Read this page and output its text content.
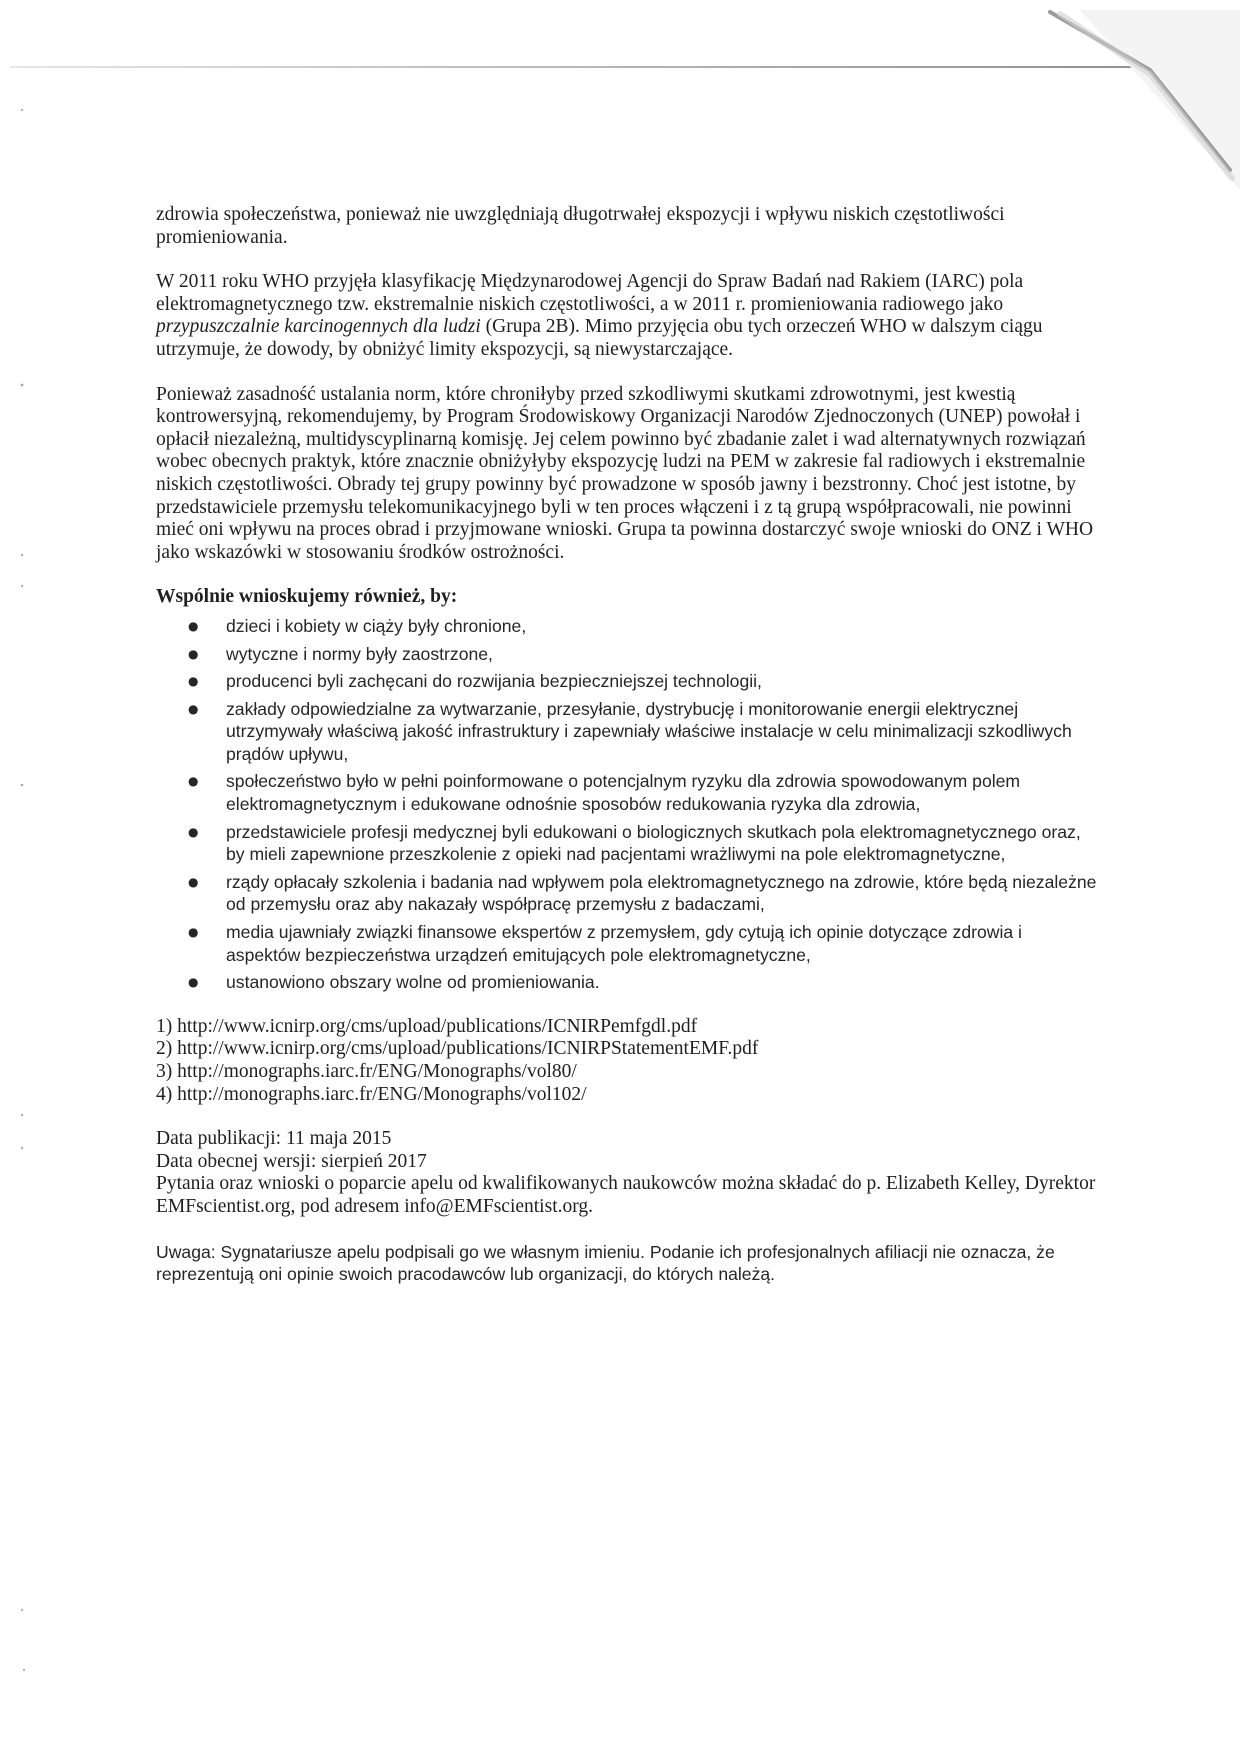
zdrowia społeczeństwa, ponieważ nie uwzględniają długotrwałej ekspozycji i wpływu niskich częstotliwości promieniowania.

W 2011 roku WHO przyjęła klasyfikację Międzynarodowej Agencji do Spraw Badań nad Rakiem (IARC) pola elektromagnetycznego tzw. ekstremalnie niskich częstotliwości, a w 2011 r. promieniowania radiowego jako przypuszczalnie karcinogennych dla ludzi (Grupa 2B). Mimo przyjęcia obu tych orzeczeń WHO w dalszym ciągu utrzymuje, że dowody, by obniżyć limity ekspozycji, są niewystarczające.

Ponieważ zasadność ustalania norm, które chroniłyby przed szkodliwymi skutkami zdrowotnymi, jest kwestią kontrowersyjną, rekomendujemy, by Program Środowiskowy Organizacji Narodów Zjednoczonych (UNEP) powołał i opłacił niezależną, multidyscyplinarną komisję. Jej celem powinno być zbadanie zalet i wad alternatywnych rozwiązań wobec obecnych praktyk, które znacznie obniżyłyby ekspozycję ludzi na PEM w zakresie fal radiowych i ekstremalnie niskich częstotliwości. Obrady tej grupy powinny być prowadzone w sposób jawny i bezstronny. Choć jest istotne, by przedstawiciele przemysłu telekomunikacyjnego byli w ten proces włączeni i z tą grupą współpracowali, nie powinni mieć oni wpływu na proces obrad i przyjmowane wnioski. Grupa ta powinna dostarczyć swoje wnioski do ONZ i WHO jako wskazówki w stosowaniu środków ostrożności.

Wspólnie wnioskujemy również, by:

● dzieci i kobiety w ciąży były chronione,
● wytyczne i normy były zaostrzone,
● producenci byli zachęcani do rozwijania bezpieczniejszej technologii,
● zakłady odpowiedzialne za wytwarzanie, przesyłanie, dystrybucję i monitorowanie energii elektrycznej utrzymywały właściwą jakość infrastruktury i zapewniały właściwe instalacje w celu minimalizacji szkodliwych prądów upływu,
● społeczeństwo było w pełni poinformowane o potencjalnym ryzyku dla zdrowia spowodowanym polem elektromagnetycznym i edukowane odnośnie sposobów redukowania ryzyka dla zdrowia,
● przedstawiciele profesji medycznej byli edukowani o biologicznych skutkach pola elektromagnetycznego oraz, by mieli zapewnione przeszkolenie z opieki nad pacjentami wrażliwymi na pole elektromagnetyczne,
● rządy opłacały szkolenia i badania nad wpływem pola elektromagnetycznego na zdrowie, które będą niezależne od przemysłu oraz aby nakazały współpracę przemysłu z badaczami,
● media ujawniały związki finansowe ekspertów z przemysłem, gdy cytują ich opinie dotyczące zdrowia i aspektów bezpieczeństwa urządzeń emitujących pole elektromagnetyczne,
● ustanowiono obszary wolne od promieniowania.

1) http://www.icnirp.org/cms/upload/publications/ICNIRPemfgdl.pdf

2) http://www.icnirp.org/cms/upload/publications/ICNIRPStatementEMF.pdf

3) http://monographs.iarc.fr/ENG/Monographs/vol80/

4) http://monographs.iarc.fr/ENG/Monographs/vol102/

Data publikacji: 11 maja 2015

Data obecnej wersji: sierpień 2017

Pytania oraz wnioski o poparcie apelu od kwalifikowanych naukowców można składać do p. Elizabeth Kelley, Dyrektor EMFscientist.org, pod adresem info@EMFscientist.org.

Uwaga: Sygnatariusze apelu podpisali go we własnym imieniu. Podanie ich profesjonalnych afiliacji nie oznacza, że reprezentują oni opinie swoich pracodawców lub organizacji, do których należą.
